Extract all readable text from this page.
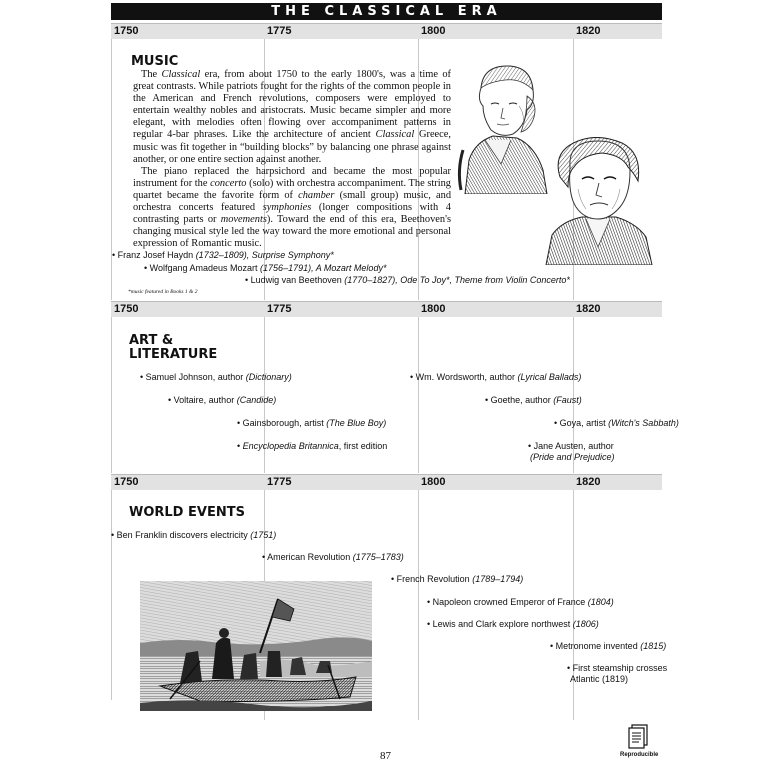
THE CLASSICAL ERA
1750	1775	1800	1820
1750	1775	1800	1820
1750	1775	1800	1820
MUSIC

The Classical era, from about 1750 to the early 1800's, was a time of great contrasts. While patriots fought for the rights of the common people in the American and French revolutions, composers were employed to entertain wealthy nobles and aristocrats. Music became simpler and more elegant, with melodies often flowing over accompaniment patterns in regular 4-bar phrases. Like the architecture of ancient Classical Greece, music was fit together in “building blocks” by balancing one phrase against another, or one entire section against another.

The piano replaced the harpsichord and became the most popular instrument for the concerto (solo) with orchestra accompaniment. The string quartet became the favorite form of chamber (small group) music, and orchestra concerts featured symphonies (longer compositions with 4 contrasting parts or movements). Toward the end of this era, Beethoven's changing musical style led the way toward the more emotional and personal expression of Romantic music.

• Franz Josef Haydn (1732–1809), Surprise Symphony*
• Wolfgang Amadeus Mozart (1756–1791), A Mozart Melody*
• Ludwig van Beethoven (1770–1827), Ode To Joy*, Theme from Violin Concerto*
*music featured in Books 1 & 2
ART &
LITERATURE
• Samuel Johnson, author (Dictionary)
• Voltaire, author (Candide)
• Gainsborough, artist (The Blue Boy)
• Encyclopedia Britannica, first edition
• Wm. Wordsworth, author (Lyrical Ballads)
• Goethe, author (Faust)
• Goya, artist (Witch's Sabbath)
• Jane Austen, author
(Pride and Prejudice)
WORLD EVENTS
• Ben Franklin discovers electricity (1751)
• American Revolution (1775–1783)
• French Revolution (1789–1794)
• Napoleon crowned Emperor of France (1804)
• Lewis and Clark explore northwest (1806)
• Metronome invented (1815)
• First steamship crosses
Atlantic (1819)
87	Reproducible
